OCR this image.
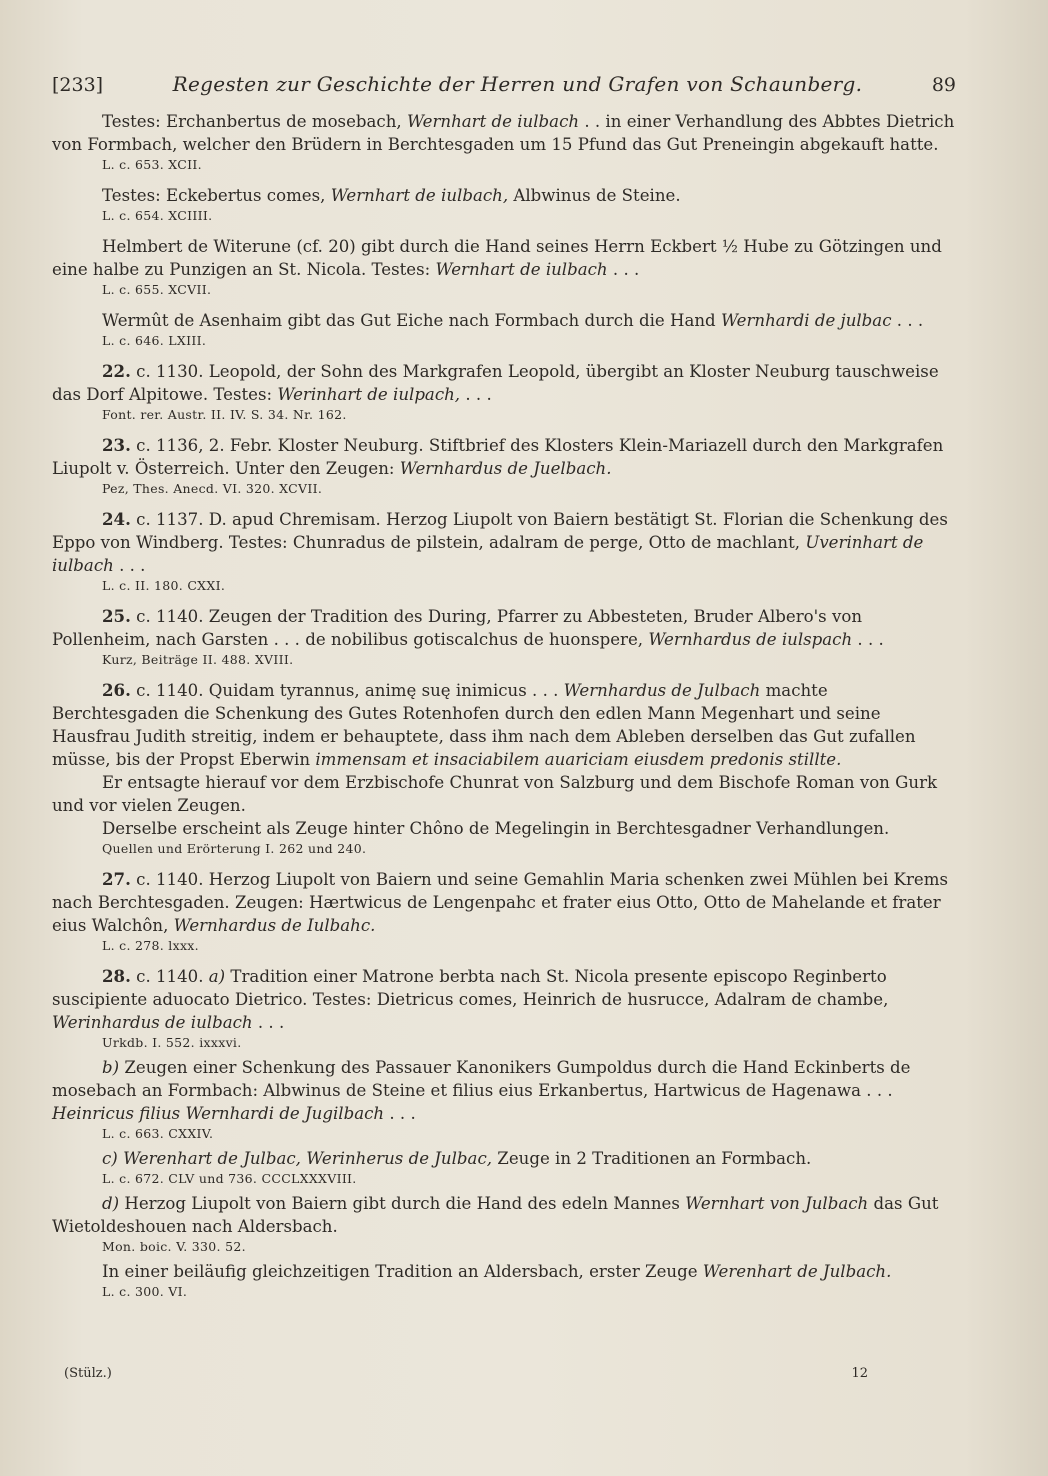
[233]	Regesten zur Geschichte der Herren und Grafen von Schaunberg.	89

Testes: Erchanbertus de mosebach, Wernhart de iulbach . . in einer Verhandlung des Abbtes Dietrich von Formbach, welcher den Brüdern in Berchtesgaden um 15 Pfund das Gut Preneingin abgekauft hatte.

L. c. 653. XCII.

Testes: Eckebertus comes, Wernhart de iulbach, Albwinus de Steine.

L. c. 654. XCIIII.

Helmbert de Witerune (cf. 20) gibt durch die Hand seines Herrn Eckbert ½ Hube zu Götzingen und eine halbe zu Punzigen an St. Nicola. Testes: Wernhart de iulbach . . .

L. c. 655. XCVII.

Wermût de Asenhaim gibt das Gut Eiche nach Formbach durch die Hand Wernhardi de julbac . . .

L. c. 646. LXIII.

22. c. 1130. Leopold, der Sohn des Markgrafen Leopold, übergibt an Kloster Neuburg tauschweise das Dorf Alpitowe. Testes: Werinhart de iulpach, . . .

Font. rer. Austr. II. IV. S. 34. Nr. 162.

23. c. 1136, 2. Febr. Kloster Neuburg. Stiftbrief des Klosters Klein-Mariazell durch den Markgrafen Liupolt v. Österreich. Unter den Zeugen: Wernhardus de Juelbach.

Pez, Thes. Anecd. VI. 320. XCVII.

24. c. 1137. D. apud Chremisam. Herzog Liupolt von Baiern bestätigt St. Florian die Schenkung des Eppo von Windberg. Testes: Chunradus de pilstein, adalram de perge, Otto de machlant, Uverinhart de iulbach . . .

L. c. II. 180. CXXI.

25. c. 1140. Zeugen der Tradition des During, Pfarrer zu Abbesteten, Bruder Albero's von Pollenheim, nach Garsten . . . de nobilibus gotiscalchus de huonspere, Wernhardus de iulspach . . .

Kurz, Beiträge II. 488. XVIII.

26. c. 1140. Quidam tyrannus, animę suę inimicus . . . Wernhardus de Julbach machte Berchtesgaden die Schenkung des Gutes Rotenhofen durch den edlen Mann Megenhart und seine Hausfrau Judith streitig, indem er behauptete, dass ihm nach dem Ableben derselben das Gut zufallen müsse, bis der Propst Eberwin immensam et insaciabilem auariciam eiusdem predonis stillte.

Er entsagte hierauf vor dem Erzbischofe Chunrat von Salzburg und dem Bischofe Roman von Gurk und vor vielen Zeugen.

Derselbe erscheint als Zeuge hinter Chôno de Megelingin in Berchtesgadner Verhandlungen.

Quellen und Erörterung I. 262 und 240.

27. c. 1140. Herzog Liupolt von Baiern und seine Gemahlin Maria schenken zwei Mühlen bei Krems nach Berchtesgaden. Zeugen: Hærtwicus de Lengenpahc et frater eius Otto, Otto de Mahelande et frater eius Walchôn, Wernhardus de Iulbahc.

L. c. 278. lxxx.

28. c. 1140. a) Tradition einer Matrone berbta nach St. Nicola presente episcopo Reginberto suscipiente aduocato Dietrico. Testes: Dietricus comes, Heinrich de husrucce, Adalram de chambe, Werinhardus de iulbach . . .

Urkdb. I. 552. ixxxvi.

b) Zeugen einer Schenkung des Passauer Kanonikers Gumpoldus durch die Hand Eckinberts de mosebach an Formbach: Albwinus de Steine et filius eius Erkanbertus, Hartwicus de Hagenawa . . . Heinricus filius Wernhardi de Jugilbach . . .

L. c. 663. CXXIV.

c) Werenhart de Julbac, Werinherus de Julbac, Zeuge in 2 Traditionen an Formbach.

L. c. 672. CLV und 736. CCCLXXXVIII.

d) Herzog Liupolt von Baiern gibt durch die Hand des edeln Mannes Wernhart von Julbach das Gut Wietoldeshouen nach Aldersbach.

Mon. boic. V. 330. 52.

In einer beiläufig gleichzeitigen Tradition an Aldersbach, erster Zeuge Werenhart de Julbach.

L. c. 300. VI.
(Stülz.)	12
